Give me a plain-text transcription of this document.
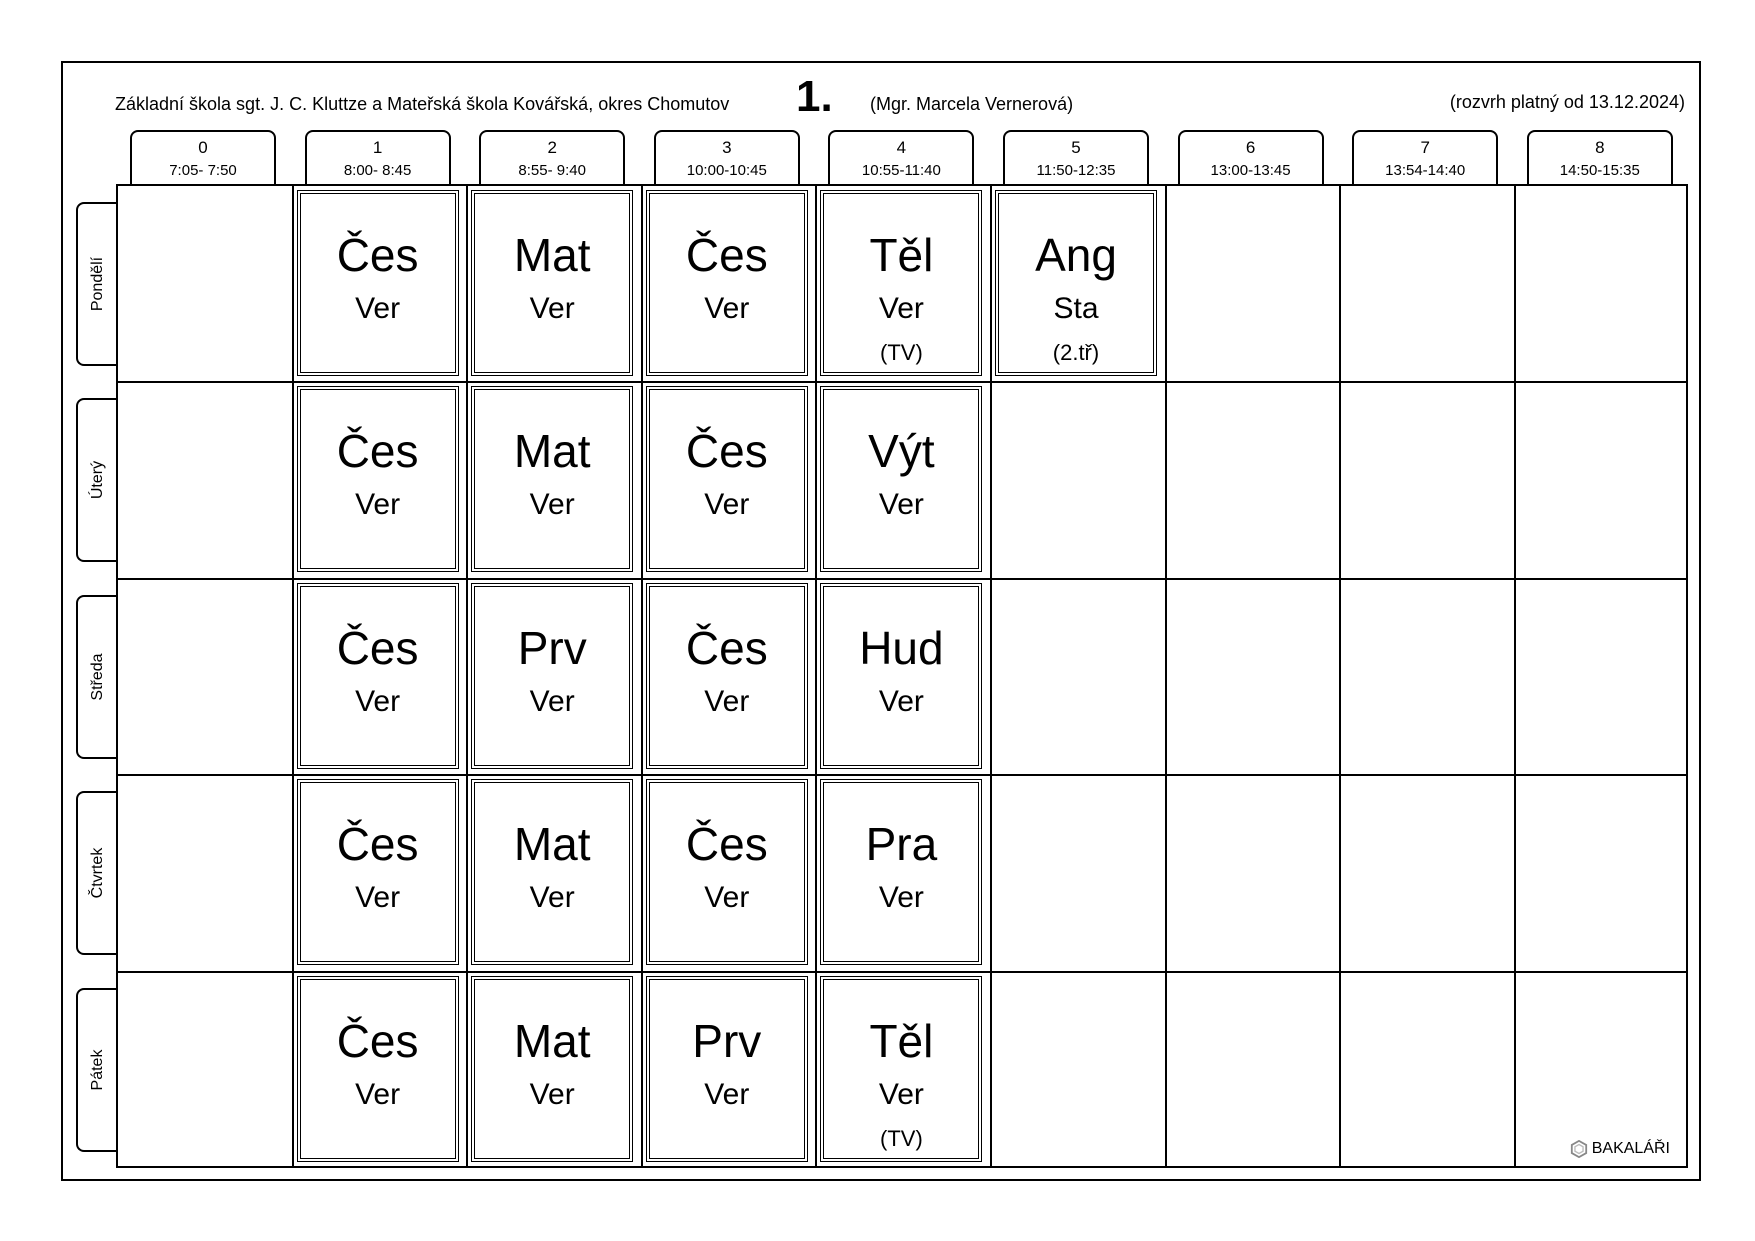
Základní škola sgt. J. C. Kluttze a Mateřská škola Kovářská, okres Chomutov 1. (Mgr. Marcela Vernerová)	(rozvrh platný od 13.12.2024)
0
7:05- 7:50
1
8:00- 8:45
2
8:55- 9:40
3
10:00-10:45
4
10:55-11:40
5
11:50-12:35
6
13:00-13:45
7
13:54-14:40
8
14:50-15:35
Pondělí
Úterý
Středa
Čtvrtek
Pátek
BAKALÁŘI
Čes
Ver
Mat
Ver
Čes
Ver
Těl
Ver
(TV)
Ang
Sta
(2.tř)
Čes
Ver
Mat
Ver
Čes
Ver
Výt
Ver
Čes
Ver
Prv
Ver
Čes
Ver
Hud
Ver
Čes
Ver
Mat
Ver
Čes
Ver
Pra
Ver
Čes
Ver
Mat
Ver
Prv
Ver
Těl
Ver
(TV)
